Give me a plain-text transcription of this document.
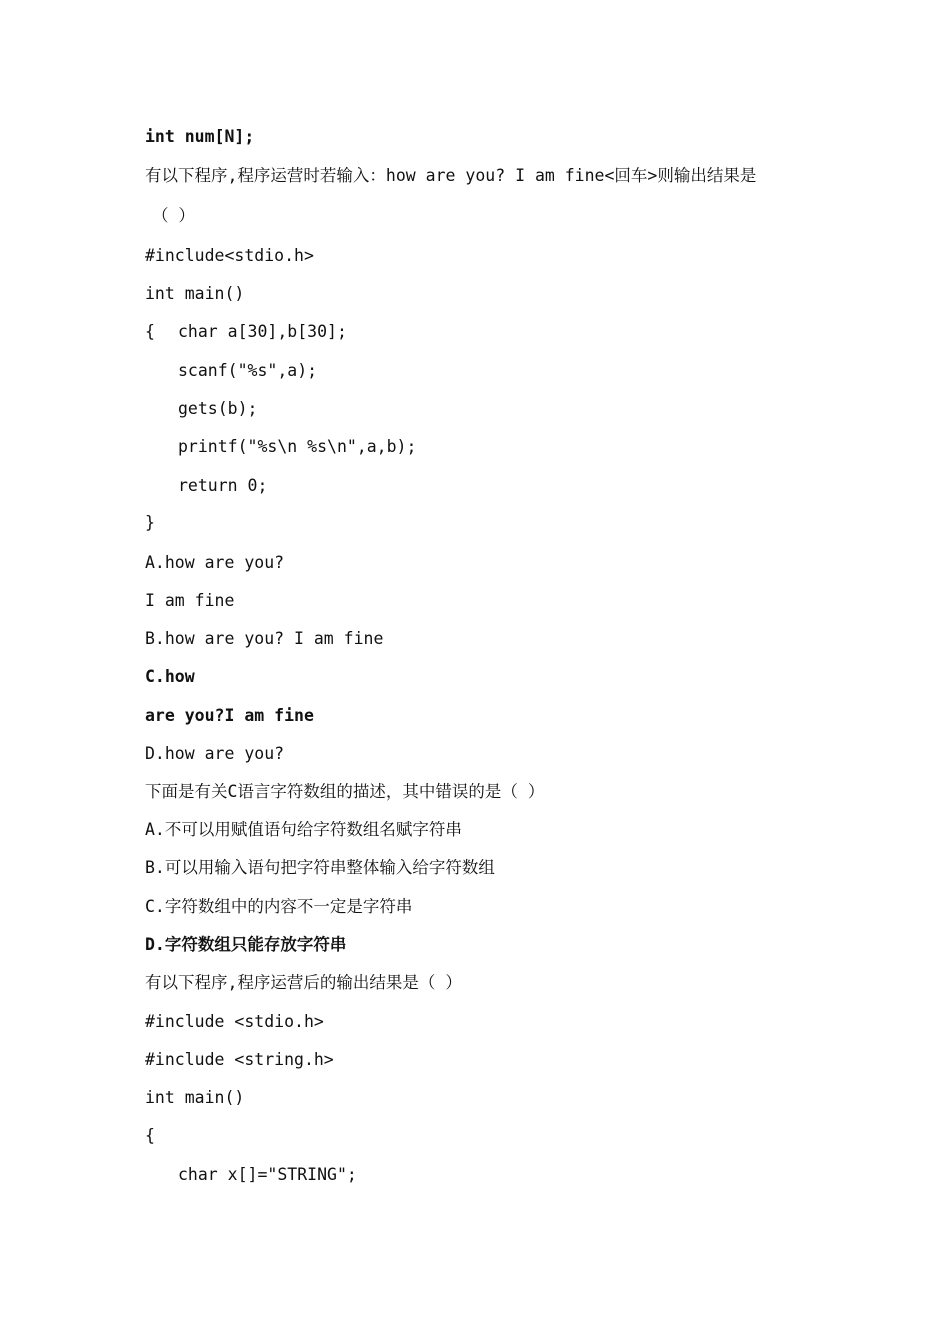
int num[N];
有以下程序,程序运营时若输入：how are you? I am fine<回车>则输出结果是
（ ）
#include<stdio.h>
int main()
{ char a[30],b[30];
scanf("%s",a);
gets(b);
printf("%s\n %s\n",a,b);
return 0;
}
A.how are you?
I am fine
B.how are you? I am fine
C.how
are you?I am fine
D.how are you?
下面是有关C语言字符数组的描述，其中错误的是（ ）
A.不可以用赋值语句给字符数组名赋字符串
B.可以用输入语句把字符串整体输入给字符数组
C.字符数组中的内容不一定是字符串
D.字符数组只能存放字符串
有以下程序,程序运营后的输出结果是（ ）
#include <stdio.h>
#include <string.h>
int main()
{
char x[]="STRING";
